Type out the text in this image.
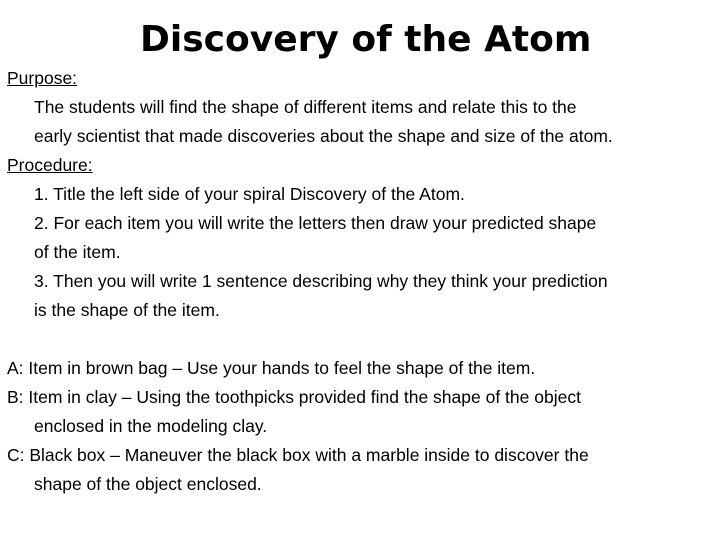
Discovery of the Atom
Purpose:
The students will find the shape of different items and relate this to the
early scientist that made discoveries about the shape and size of the atom.
Procedure:
1. Title the left side of your spiral Discovery of the Atom.
2. For each item you will write the letters then draw your predicted shape
of the item.
3. Then you will write 1 sentence describing why they think your prediction
is the shape of the item.
A: Item in brown bag – Use your hands to feel the shape of the item.
B: Item in clay – Using the toothpicks provided find the shape of the object
enclosed in the modeling clay.
C: Black box – Maneuver the black box with a marble inside to discover the
shape of the object enclosed.
